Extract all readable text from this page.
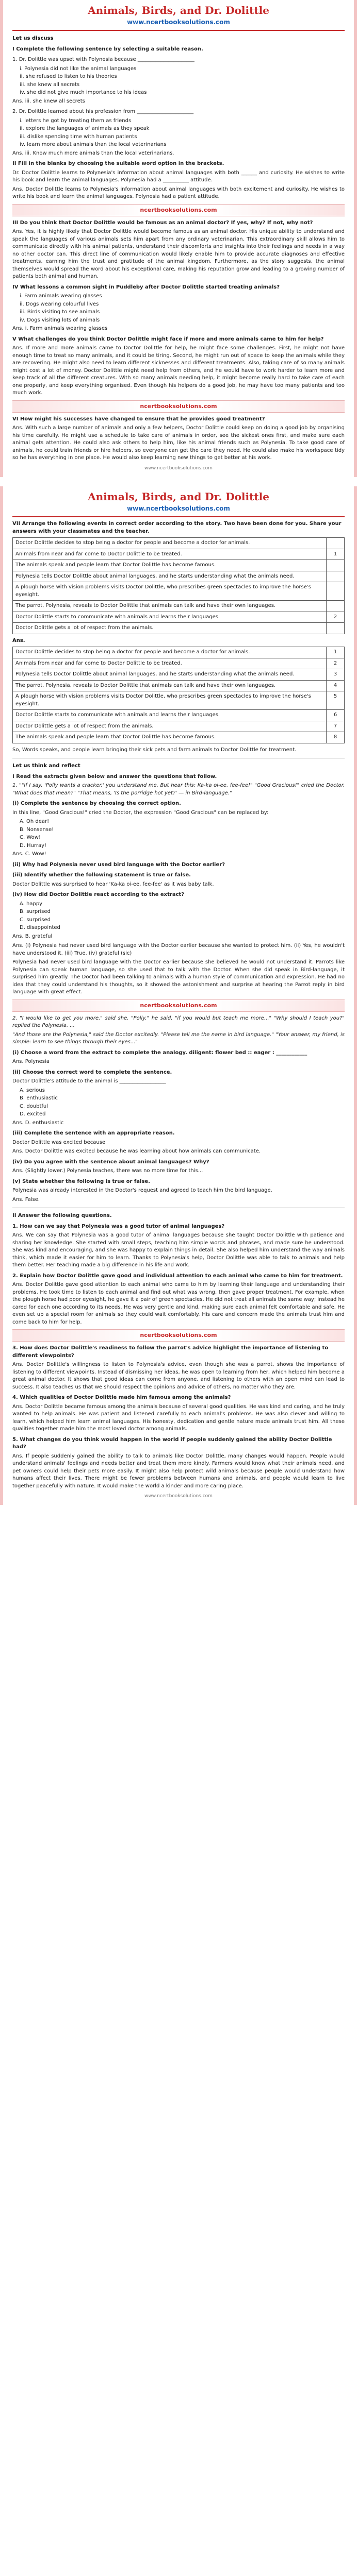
Animals, Birds, and Dr. Dolittle
www.ncertbooksolutions.com
Let us discuss
I Complete the following sentence by selecting a suitable reason.
1. Dr. Dolittle was upset with Polynesia because ______________________
i. Polynesia did not like the animal languages
ii. she refused to listen to his theories
iii. she knew all secrets
iv. she did not give much importance to his ideas
Ans. iii. she knew all secrets
2. Dr. Dolittle learned about his profession from ______________________
i. letters he got by treating them as friends
ii. explore the languages of animals as they speak
iii. dislike spending time with human patients
iv. learn more about animals than the local veterinarians
Ans. iii. Know much more animals than the local veterinarians.
II Fill in the blanks by choosing the suitable word option in the brackets.

Dr. Doctor Dolittle learns to Polynesia's information about animal languages with both ______ and curiosity. He wishes to write his book and learn the animal languages. Polynesia had a __________ attitude.

Ans. Doctor Dolittle learns to Polynesia's information about animal languages with both excitement and curiosity. He wishes to write his book and learn the animal languages. Polynesia had a patient attitude.

ncertbooksolutions.com
III Do you think that Doctor Dolittle would be famous as an animal doctor? If yes, why? If not, why not?

Ans. Yes, it is highly likely that Doctor Dolittle would become famous as an animal doctor. His unique ability to understand and speak the languages of various animals sets him apart from any ordinary veterinarian. This extraordinary skill allows him to communicate directly with his animal patients, understand their discomforts and insights into their feelings and needs in a way no other doctor can. This direct line of communication would likely enable him to provide accurate diagnoses and effective treatments, earning him the trust and gratitude of the animal kingdom. Furthermore, as the story suggests, the animal themselves would spread the word about his exceptional care, making his reputation grow and leading to a growing number of patients both animal and human.

IV What lessons a common sight in Puddleby after Doctor Dolittle started treating animals?
i. Farm animals wearing glasses
ii. Dogs wearing colourful lives
iii. Birds visiting to see animals
iv. Dogs visiting lots of animals
Ans. i. Farm animals wearing glasses
V What challenges do you think Doctor Dolittle might face if more and more animals came to him for help?

Ans. If more and more animals came to Doctor Dolittle for help, he might face some challenges. First, he might not have enough time to treat so many animals, and it could be tiring. Second, he might run out of space to keep the animals while they are recovering. He might also need to learn different sicknesses and different treatments. Also, taking care of so many animals might cost a lot of money. Doctor Dolittle might need help from others, and he would have to work harder to learn more and keep track of all the different creatures. With so many animals needing help, it might become really hard to take care of each one properly, and keep everything organised. Even though his helpers do a good job, he may have too many patients and too much work.

ncertbooksolutions.com
VI How might his successes have changed to ensure that he provides good treatment?

Ans. With such a large number of animals and only a few helpers, Doctor Dolittle could keep on doing a good job by organising his time carefully. He might use a schedule to take care of animals in order, see the sickest ones first, and make sure each animal gets attention. He could also ask others to help him, like his animal friends such as Polynesia. To take good care of animals, he could train friends or hire helpers, so everyone can get the care they need. He could also make his workspace tidy so he has everything in one place. He would also keep learning new things to get better at his work.

www.ncertbooksolutions.com
Animals, Birds, and Dr. Dolittle
www.ncertbooksolutions.com
VII Arrange the following events in correct order according to the story. Two have been done for you. Share your answers with your classmates and the teacher.
Doctor Dolittle decides to stop being a doctor for people and become a doctor for animals.	
Animals from near and far come to Doctor Dolittle to be treated.	1
The animals speak and people learn that Doctor Dolittle has become famous.	
Polynesia tells Doctor Dolittle about animal languages, and he starts understanding what the animals need.	
A plough horse with vision problems visits Doctor Dolittle, who prescribes green spectacles to improve the horse's eyesight.	
The parrot, Polynesia, reveals to Doctor Dolittle that animals can talk and have their own languages.	
Doctor Dolittle starts to communicate with animals and learns their languages.	2
Doctor Dolittle gets a lot of respect from the animals.	
Ans.
Doctor Dolittle decides to stop being a doctor for people and become a doctor for animals.	1
Animals from near and far come to Doctor Dolittle to be treated.	2
Polynesia tells Doctor Dolittle about animal languages, and he starts understanding what the animals need.	3
The parrot, Polynesia, reveals to Doctor Dolittle that animals can talk and have their own languages.	4
A plough horse with vision problems visits Doctor Dolittle, who prescribes green spectacles to improve the horse's eyesight.	5
Doctor Dolittle starts to communicate with animals and learns their languages.	6
Doctor Dolittle gets a lot of respect from the animals.	7
The animals speak and people learn that Doctor Dolittle has become famous.	8

So, Words speaks, and people learn bringing their sick pets and farm animals to Doctor Dolittle for treatment.

Let us think and reflect
I Read the extracts given below and answer the questions that follow.

1. ""If I say, 'Polly wants a cracker,' you understand me. But hear this: Ka-ka oi-ee, fee-fee!" "Good Gracious!" cried the Doctor. "What does that mean?" "That means, 'Is the porridge hot yet?' — in Bird-language."

(i) Complete the sentence by choosing the correct option.

In this line, "Good Gracious!" cried the Doctor, the expression "Good Gracious" can be replaced by:

A. Oh dear!
B. Nonsense!
C. Wow!
D. Hurray!
Ans. C. Wow!
(ii) Why had Polynesia never used bird language with the Doctor earlier?
(iii) Identify whether the following statement is true or false.

Doctor Dolittle was surprised to hear 'Ka-ka oi-ee, fee-fee' as it was baby talk.

(iv) How did Doctor Dolittle react according to the extract?
A. happy
B. surprised
C. surprised
D. disappointed
Ans. B. grateful

Ans. (i) Polynesia had never used bird language with the Doctor earlier because she wanted to protect him. (ii) Yes, he wouldn't have understood it. (iii) True. (iv) grateful (sic)

Polynesia had never used bird language with the Doctor earlier because she believed he would not understand it. Parrots like Polynesia can speak human language, so she used that to talk with the Doctor. When she did speak in Bird-language, it surprised him greatly. The Doctor had been talking to animals with a human style of communication and expression. He had no idea that they could understand his thoughts, so it showed the astonishment and surprise at hearing the Parrot reply in bird language with great effect.

ncertbooksolutions.com

2. "I would like to get you more," said she. "Polly," he said, "if you would but teach me more..." "Why should I teach you?" replied the Polynesia. ...

"And those are the Polynesia," said the Doctor excitedly. "Please tell me the name in bird language." "Your answer, my friend, is simple: learn to see things through their eyes..."

(i) Choose a word from the extract to complete the analogy. diligent: flower bed :: eager : ____________
Ans. Polynesia
(ii) Choose the correct word to complete the sentence.

Doctor Dolittle's attitude to the animal is __________________

A. serious
B. enthusiastic
C. doubtful
D. excited
Ans. D. enthusiastic
(iii) Complete the sentence with an appropriate reason.

Doctor Dolittle was excited because

Ans. Doctor Dolittle was excited because he was learning about how animals can communicate.
(iv) Do you agree with the sentence about animal languages? Why?
Ans. (Slightly lower.) Polynesia teaches, there was no more time for this...
(v) State whether the following is true or false.

Polynesia was already interested in the Doctor's request and agreed to teach him the bird language.

Ans. False.
II Answer the following questions.
1. How can we say that Polynesia was a good tutor of animal languages?

Ans. We can say that Polynesia was a good tutor of animal languages because she taught Doctor Dolittle with patience and sharing her knowledge. She started with small steps, teaching him simple words and phrases, and made sure he understood. She was kind and encouraging, and she was happy to explain things in detail. She also helped him understand the way animals think, which made it easier for him to learn. Thanks to Polynesia's help, Doctor Dolittle was able to talk to animals and help them better. Her teaching made a big difference in his life and work.

2. Explain how Doctor Dolittle gave good and individual attention to each animal who came to him for treatment.

Ans. Doctor Dolittle gave good attention to each animal who came to him by learning their language and understanding their problems. He took time to listen to each animal and find out what was wrong, then gave proper treatment. For example, when the plough horse had poor eyesight, he gave it a pair of green spectacles. He did not treat all animals the same way; instead he cared for each one according to its needs. He was very gentle and kind, making sure each animal felt comfortable and safe. He even set up a special room for animals so they could wait comfortably. His care and concern made the animals trust him and come back to him for help.

ncertbooksolutions.com
3. How does Doctor Dolittle's readiness to follow the parrot's advice highlight the importance of listening to different viewpoints?

Ans. Doctor Dolittle's willingness to listen to Polynesia's advice, even though she was a parrot, shows the importance of listening to different viewpoints. Instead of dismissing her ideas, he was open to learning from her, which helped him become a great animal doctor. It shows that good ideas can come from anyone, and listening to others with an open mind can lead to success. It also teaches us that we should respect the opinions and advice of others, no matter who they are.

4. Which qualities of Doctor Dolittle made him famous among the animals?

Ans. Doctor Dolittle became famous among the animals because of several good qualities. He was kind and caring, and he truly wanted to help animals. He was patient and listened carefully to each animal's problems. He was also clever and willing to learn, which helped him learn animal languages. His honesty, dedication and gentle nature made animals trust him. All these qualities together made him the most loved doctor among animals.

5. What changes do you think would happen in the world if people suddenly gained the ability Doctor Dolittle had?

Ans. If people suddenly gained the ability to talk to animals like Doctor Dolittle, many changes would happen. People would understand animals' feelings and needs better and treat them more kindly. Farmers would know what their animals need, and pet owners could help their pets more easily. It might also help protect wild animals because people would understand how humans affect their lives. There might be fewer problems between humans and animals, and people would learn to live together peacefully with nature. It would make the world a kinder and more caring place.

www.ncertbooksolutions.com
